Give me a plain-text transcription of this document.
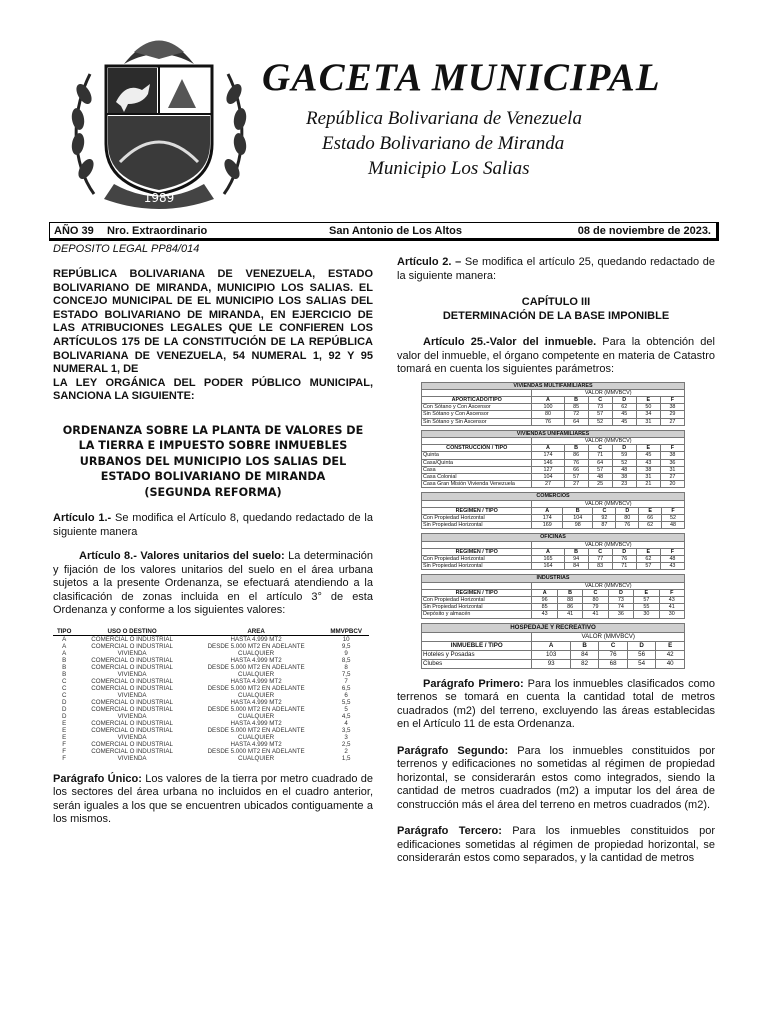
1989
GACETA MUNICIPAL
República Bolivariana de Venezuela
Estado Bolivariano de Miranda
Municipio Los Salias
AÑO 39 Nro. Extraordinario	San Antonio de Los Altos	08 de noviembre de 2023.
DEPOSITO LEGAL PP84/014

REPÚBLICA BOLIVARIANA DE VENEZUELA, ESTADO BOLIVARIANO DE MIRANDA, MUNICIPIO LOS SALIAS. EL CONCEJO MUNICIPAL DE EL MUNICIPIO LOS SALIAS DEL ESTADO BOLIVARIANO DE MIRANDA, EN EJERCICIO DE LAS ATRIBUCIONES LEGALES QUE LE CONFIEREN LOS ARTÍCULOS 175 DE LA CONSTITUCIÓN DE LA REPÚBLICA BOLIVARIANA DE VENEZUELA, 54 NUMERAL 1, 92 Y 95 NUMERAL 1, DE
LA LEY ORGÁNICA DEL PODER PÚBLICO MUNICIPAL, SANCIONA LA SIGUIENTE:

ORDENANZA SOBRE LA PLANTA DE VALORES DE
LA TIERRA E IMPUESTO SOBRE INMUEBLES
URBANOS DEL MUNICIPIO LOS SALIAS DEL
ESTADO BOLIVARIANO DE MIRANDA
(SEGUNDA REFORMA)

Artículo 1.- Se modifica el Artículo 8, quedando redactado de la siguiente manera

Artículo 8.- Valores unitarios del suelo: La determinación y fijación de los valores unitarios del suelo en el área urbana sujetos a la presente Ordenanza, se efectuará atendiendo a la clasificación de zonas incluida en el artículo 3° de esta Ordenanza y conforme a los siguientes valores:

TIPO	USO O DESTINO	AREA	MMVPBCV
A	COMERCIAL O INDUSTRIAL	HASTA 4.999 MT2	10
A	COMERCIAL O INDUSTRIAL	DESDE 5.000 MT2 EN ADELANTE	9,5
A	VIVIENDA	CUALQUIER	9
B	COMERCIAL O INDUSTRIAL	HASTA 4.999 MT2	8,5
B	COMERCIAL O INDUSTRIAL	DESDE 5.000 MT2 EN ADELANTE	8
B	VIVIENDA	CUALQUIER	7,5
C	COMERCIAL O INDUSTRIAL	HASTA 4.999 MT2	7
C	COMERCIAL O INDUSTRIAL	DESDE 5.000 MT2 EN ADELANTE	6,5
C	VIVIENDA	CUALQUIER	6
D	COMERCIAL O INDUSTRIAL	HASTA 4.999 MT2	5,5
D	COMERCIAL O INDUSTRIAL	DESDE 5.000 MT2 EN ADELANTE	5
D	VIVIENDA	CUALQUIER	4,5
E	COMERCIAL O INDUSTRIAL	HASTA 4.999 MT2	4
E	COMERCIAL O INDUSTRIAL	DESDE 5.000 MT2 EN ADELANTE	3,5
E	VIVIENDA	CUALQUIER	3
F	COMERCIAL O INDUSTRIAL	HASTA 4.999 MT2	2,5
F	COMERCIAL O INDUSTRIAL	DESDE 5.000 MT2 EN ADELANTE	2
F	VIVIENDA	CUALQUIER	1,5

Parágrafo Único: Los valores de la tierra por metro cuadrado de los sectores del área urbana no incluidos en el cuadro anterior, serán iguales a los que se encuentren ubicados contiguamente a los mismos.

Artículo 2. – Se modifica el artículo 25, quedando redactado de la siguiente manera:

CAPÍTULO III
DETERMINACIÓN DE LA BASE IMPONIBLE

Artículo 25.-Valor del inmueble. Para la obtención del valor del inmueble, el órgano competente en materia de Catastro tomará en cuenta los siguientes parámetros:

VIVIENDAS MULTIFAMILIARES						
	VALOR (MMVBCV)					
APORTICADO/TIPO	A	B	C	D	E	F
Con Sótano y Con Ascensor	100	85	73	62	50	38
Sin Sótano y Con Ascensor	80	72	57	45	34	29
Sin Sótano y Sin Ascensor	76	64	52	45	31	27
VIVIENDAS UNIFAMILIARES						
	VALOR (MMVBCV)					
CONSTRUCCIÓN / TIPO	A	B	C	D	E	F
Quinta	174	86	71	59	45	38
Casa/Quinta	146	76	64	52	43	36
Casa	127	66	57	48	38	31
Casa Colonial	104	57	48	38	31	27
Casa Gran Misión Vivienda Venezuela	27	27	25	23	21	20
COMERCIOS						
	VALOR (MMVBCV)					
REGIMEN / TIPO	A	B	C	D	E	F
Con Propiedad Horizontal	174	104	92	80	66	52
Sin Propiedad Horizontal	169	98	87	76	62	48
OFICINAS						
	VALOR (MMVBCV)					
REGIMEN / TIPO	A	B	C	D	E	F
Con Propiedad Horizontal	165	94	77	76	62	48
Sin Propiedad Horizontal	164	84	83	71	57	43
INDUSTRIAS						
	VALOR (MMVBCV)					
REGIMEN / TIPO	A	B	C	D	E	F
Con Propiedad Horizontal	96	88	80	73	57	43
Sin Propiedad Horizontal	85	86	79	74	55	41
Depósito y almacén	43	41	41	36	30	30
HOSPEDAJE Y RECREATIVO					
	VALOR (MMVBCV)				
INMUEBLE / TIPO	A	B	C	D	E
Hoteles y Posadas	103	84	76	56	42
Clubes	93	82	68	54	40

Parágrafo Primero: Para los inmuebles clasificados como terrenos se tomará en cuenta la cantidad total de metros cuadrados (m2) del terreno, excluyendo las áreas establecidas en el Artículo 11 de esta Ordenanza.

Parágrafo Segundo: Para los inmuebles constituidos por terrenos y edificaciones no sometidas al régimen de propiedad horizontal, se considerarán estos como integrados, siendo la cantidad de metros cuadrados (m2) a imputar los del área de construcción más el área del terreno en metros cuadrados (m2).

Parágrafo Tercero: Para los inmuebles constituidos por edificaciones sometidas al régimen de propiedad horizontal, se considerarán estos como separados, y la cantidad de metros
